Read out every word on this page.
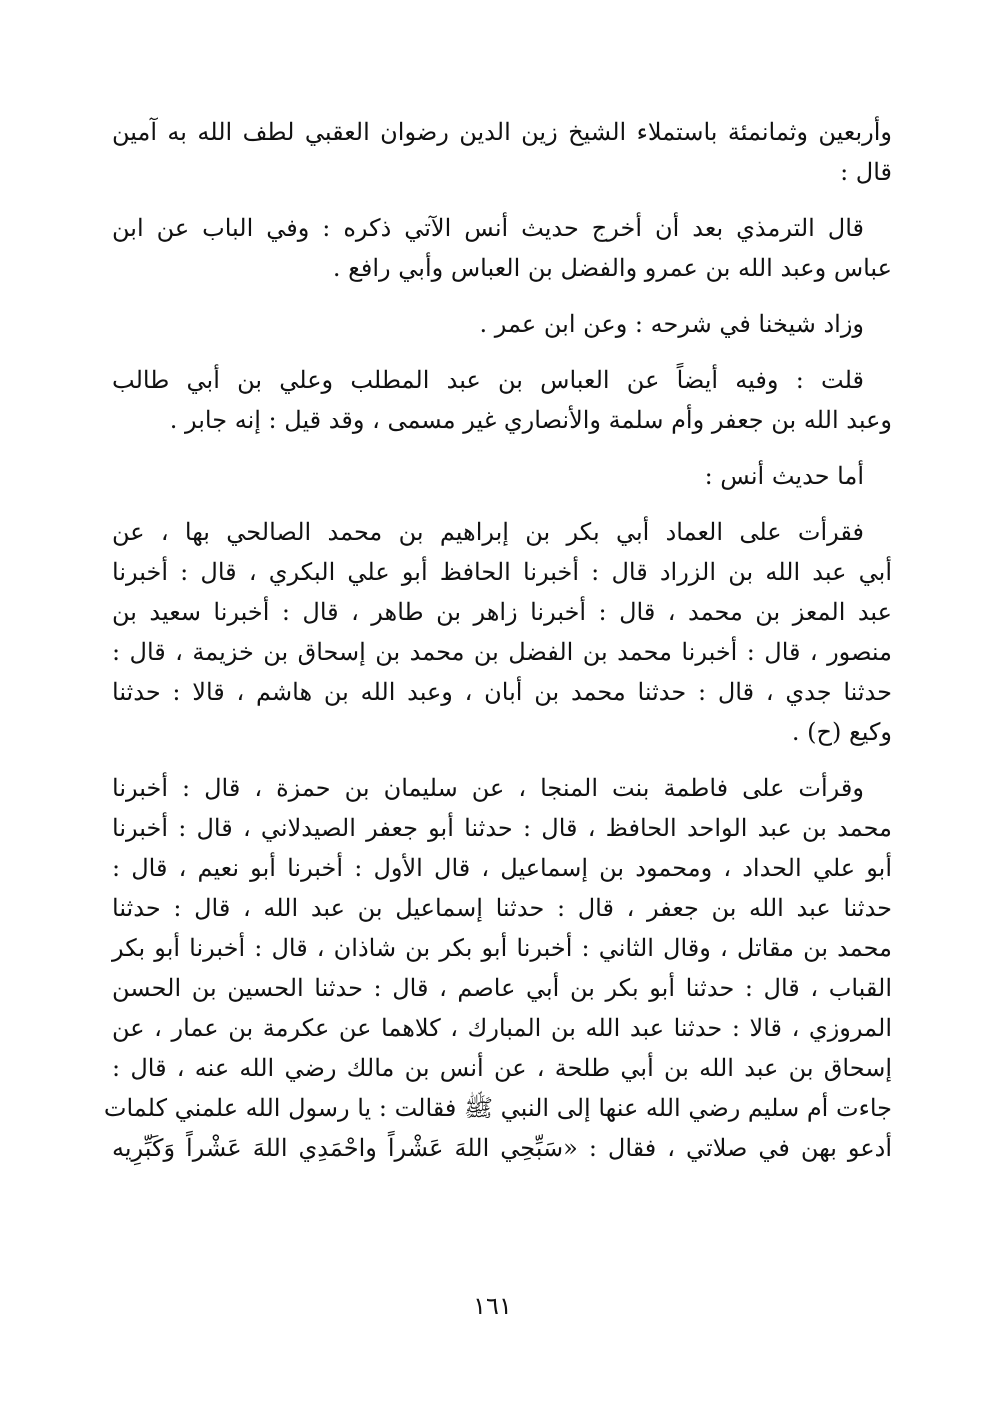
وأربعين وثمانمئة باستملاء الشيخ زين الدين رضوان العقبي لطف الله به آمين
قال :
قال الترمذي بعد أن أخرج حديث أنس الآتي ذكره : وفي الباب عن ابن
عباس وعبد الله بن عمرو والفضل بن العباس وأبي رافع .
وزاد شيخنا في شرحه : وعن ابن عمر .
قلت : وفيه أيضاً عن العباس بن عبد المطلب وعلي بن أبي طالب
وعبد الله بن جعفر وأم سلمة والأنصاري غير مسمى ، وقد قيل : إنه جابر .
أما حديث أنس :
فقرأت على العماد أبي بكر بن إبراهيم بن محمد الصالحي بها ، عن
أبي عبد الله بن الزراد قال : أخبرنا الحافظ أبو علي البكري ، قال : أخبرنا
عبد المعز بن محمد ، قال : أخبرنا زاهر بن طاهر ، قال : أخبرنا سعيد بن
منصور ، قال : أخبرنا محمد بن الفضل بن محمد بن إسحاق بن خزيمة ، قال :
حدثنا جدي ، قال : حدثنا محمد بن أبان ، وعبد الله بن هاشم ، قالا : حدثنا
وكيع (ح) .
وقرأت على فاطمة بنت المنجا ، عن سليمان بن حمزة ، قال : أخبرنا
محمد بن عبد الواحد الحافظ ، قال : حدثنا أبو جعفر الصيدلاني ، قال : أخبرنا
أبو علي الحداد ، ومحمود بن إسماعيل ، قال الأول : أخبرنا أبو نعيم ، قال :
حدثنا عبد الله بن جعفر ، قال : حدثنا إسماعيل بن عبد الله ، قال : حدثنا
محمد بن مقاتل ، وقال الثاني : أخبرنا أبو بكر بن شاذان ، قال : أخبرنا أبو بكر
القباب ، قال : حدثنا أبو بكر بن أبي عاصم ، قال : حدثنا الحسين بن الحسن
المروزي ، قالا : حدثنا عبد الله بن المبارك ، كلاهما عن عكرمة بن عمار ، عن
إسحاق بن عبد الله بن أبي طلحة ، عن أنس بن مالك رضي الله عنه ، قال :
جاءت أم سليم رضي الله عنها إلى النبي ﷺ فقالت : يا رسول الله علمني كلمات
أدعو بهن في صلاتي ، فقال : «سَبِّحِي اللهَ عَشْراً واحْمَدِي اللهَ عَشْراً وَكَبِّرِيه
١٦١
